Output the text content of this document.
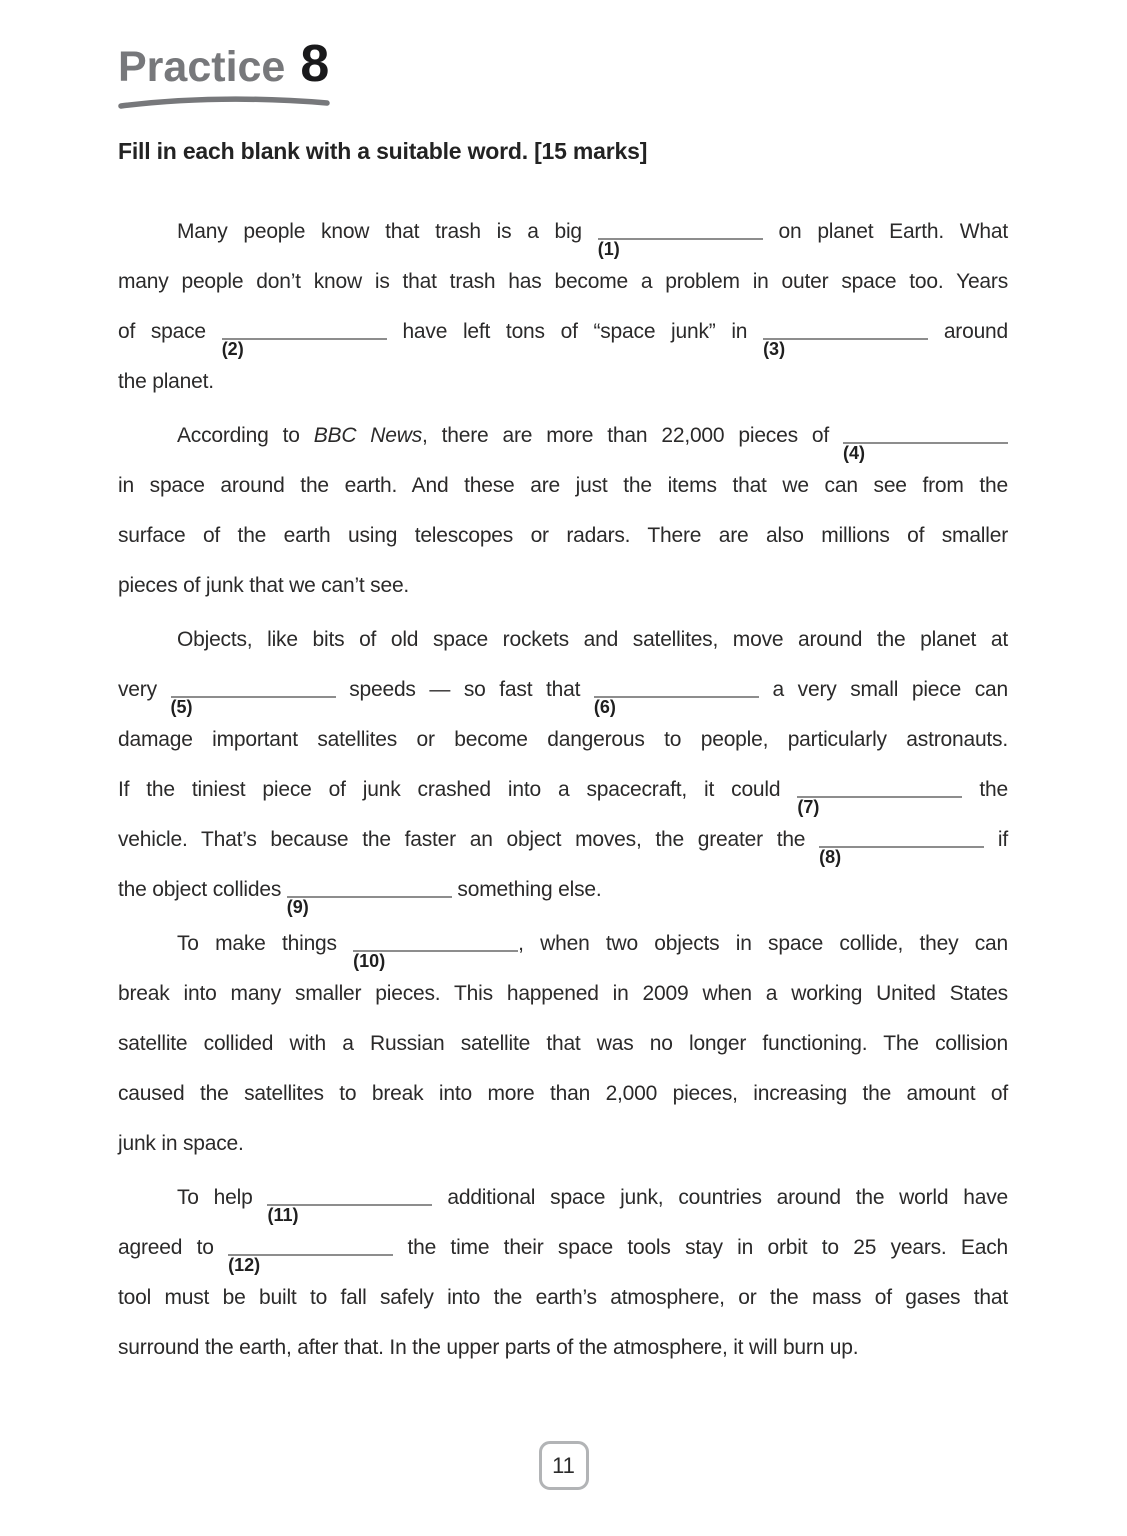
Practice 8
Fill in each blank with a suitable word. [15 marks]
Many people know that trash is a big
(1)
on planet Earth. What
many people don’t know is that trash has become a problem in outer space too. Years
of space
(2)
have left tons of “space junk” in
(3)
around
the planet.
According to BBC News, there are more than 22,000 pieces of
(4)
in space around the earth. And these are just the items that we can see from the
surface of the earth using telescopes or radars. There are also millions of smaller
pieces of junk that we can’t see.
Objects, like bits of old space rockets and satellites, move around the planet at
very
(5)
speeds — so fast that
(6)
a very small piece can
damage important satellites or become dangerous to people, particularly astronauts.
If the tiniest piece of junk crashed into a spacecraft, it could
(7)
the
vehicle. That’s because the faster an object moves, the greater the
(8)
if
the object collides
(9)
something else.
To make things
(10)
, when two objects in space collide, they can
break into many smaller pieces. This happened in 2009 when a working United States
satellite collided with a Russian satellite that was no longer functioning. The collision
caused the satellites to break into more than 2,000 pieces, increasing the amount of
junk in space.
To help
(11)
additional space junk, countries around the world have
agreed to
(12)
the time their space tools stay in orbit to 25 years. Each
tool must be built to fall safely into the earth’s atmosphere, or the mass of gases that
surround the earth, after that. In the upper parts of the atmosphere, it will burn up.
11
